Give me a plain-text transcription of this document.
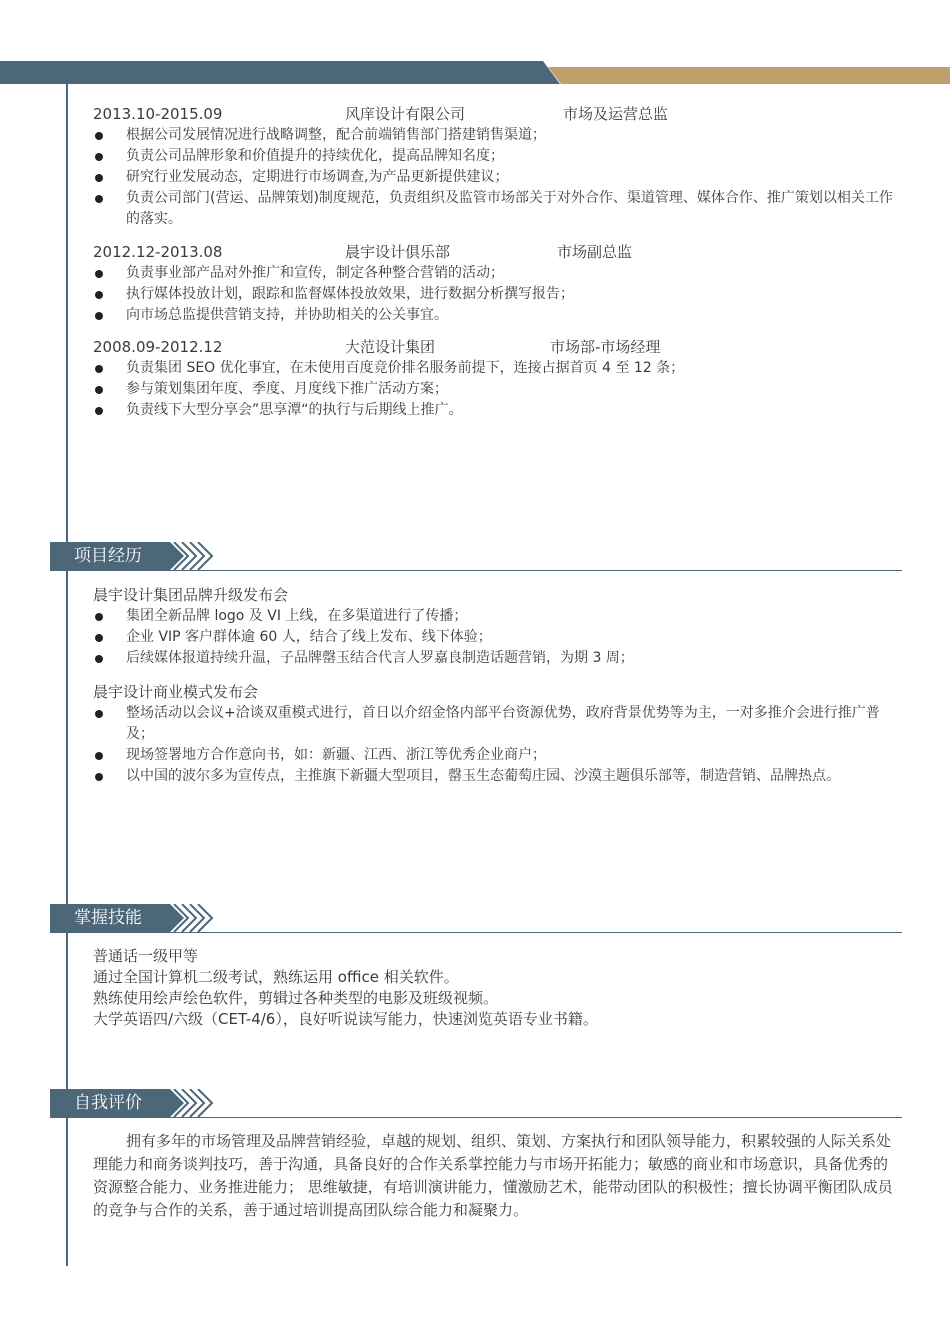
2013.10-2015.09	风庠设计有限公司	市场及运营总监
根据公司发展情况进行战略调整，配合前端销售部门搭建销售渠道；
负责公司品牌形象和价值提升的持续优化，提高品牌知名度；
研究行业发展动态，定期进行市场调查,为产品更新提供建议；
负责公司部门(营运、品牌策划)制度规范，负责组织及监管市场部关于对外合作、渠道管理、媒体合作、推广策划以相关工作的落实。
2012.12-2013.08	晨宇设计俱乐部	市场副总监
负责事业部产品对外推广和宣传，制定各种整合营销的活动；
执行媒体投放计划，跟踪和监督媒体投放效果，进行数据分析撰写报告；
向市场总监提供营销支持，并协助相关的公关事宜。
2008.09-2012.12	大范设计集团	市场部-市场经理
负责集团 SEO 优化事宜，在未使用百度竞价排名服务前提下，连接占据首页 4 至 12 条；
参与策划集团年度、季度、月度线下推广活动方案；
负责线下大型分享会”思享潭“的执行与后期线上推广。
项目经历
晨宇设计集团品牌升级发布会
集团全新品牌 logo 及 VI 上线，在多渠道进行了传播；
企业 VIP 客户群体逾 60 人，结合了线上发布、线下体验；
后续媒体报道持续升温，子品牌罄玉结合代言人罗嘉良制造话题营销，为期 3 周；
晨宇设计商业模式发布会
整场活动以会议+洽谈双重模式进行，首日以介绍金恪内部平台资源优势，政府背景优势等为主，一对多推介会进行推广普及；
现场签署地方合作意向书，如：新疆、江西、浙江等优秀企业商户；
以中国的波尔多为宣传点，主推旗下新疆大型项目，罄玉生态葡萄庄园、沙漠主题俱乐部等，制造营销、品牌热点。
掌握技能
普通话一级甲等
通过全国计算机二级考试，熟练运用 office 相关软件。
熟练使用绘声绘色软件，剪辑过各种类型的电影及班级视频。
大学英语四/六级（CET-4/6），良好听说读写能力，快速浏览英语专业书籍。
自我评价
拥有多年的市场管理及品牌营销经验，卓越的规划、组织、策划、方案执行和团队领导能力，积累较强的人际关系处理能力和商务谈判技巧，善于沟通，具备良好的合作关系掌控能力与市场开拓能力；敏感的商业和市场意识，具备优秀的资源整合能力、业务推进能力； 思维敏捷，有培训演讲能力，懂激励艺术，能带动团队的积极性；擅长协调平衡团队成员的竞争与合作的关系，善于通过培训提高团队综合能力和凝聚力。
